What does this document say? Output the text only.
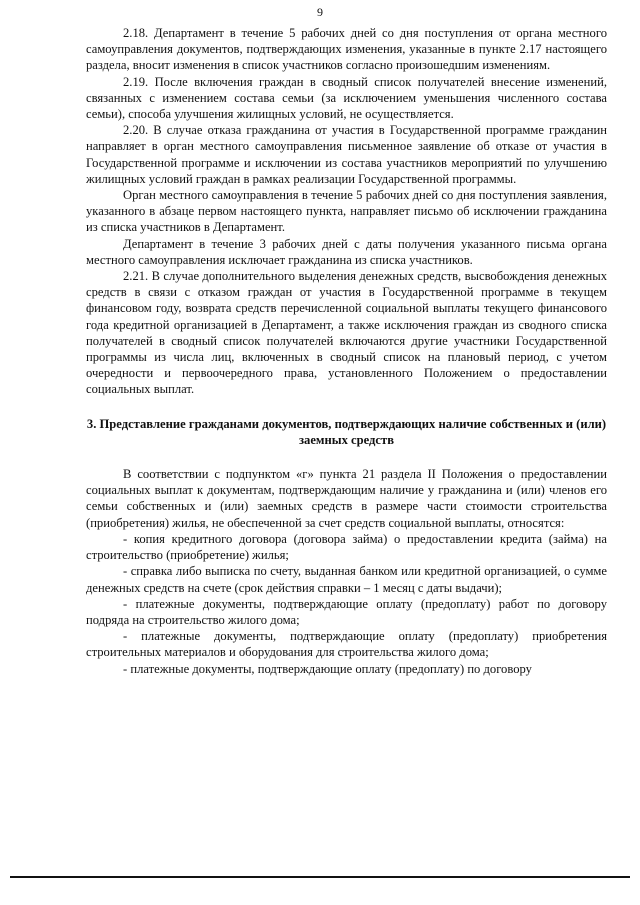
9

2.18. Департамент в течение 5 рабочих дней со дня поступления от органа местного самоуправления документов, подтверждающих изменения, указанные в пункте 2.17 настоящего раздела, вносит изменения в список участников согласно произошедшим изменениям.

2.19. После включения граждан в сводный список получателей внесение изменений, связанных с изменением состава семьи (за исключением уменьшения численного состава семьи), способа улучшения жилищных условий, не осуществляется.

2.20. В случае отказа гражданина от участия в Государственной программе гражданин направляет в орган местного самоуправления письменное заявление об отказе от участия в Государственной программе и исключении из состава участников мероприятий по улучшению жилищных условий граждан в рамках реализации Государственной программы.

Орган местного самоуправления в течение 5 рабочих дней со дня поступления заявления, указанного в абзаце первом настоящего пункта, направляет письмо об исключении гражданина из списка участников в Департамент.

Департамент в течение 3 рабочих дней с даты получения указанного письма органа местного самоуправления исключает гражданина из списка участников.

2.21. В случае дополнительного выделения денежных средств, высвобождения денежных средств в связи с отказом граждан от участия в Государственной программе в текущем финансовом году, возврата средств перечисленной социальной выплаты текущего финансового года кредитной организацией в Департамент, а также исключения граждан из сводного списка получателей в сводный список получателей включаются другие участники Государственной программы из числа лиц, включенных в сводный список на плановый период, с учетом очередности и первоочередного права, установленного Положением о предоставлении социальных выплат.

3. Представление гражданами документов, подтверждающих наличие собственных и (или) заемных средств

В соответствии с подпунктом «г» пункта 21 раздела II Положения о предоставлении социальных выплат к документам, подтверждающим наличие у гражданина и (или) членов его семьи собственных и (или) заемных средств в размере части стоимости строительства (приобретения) жилья, не обеспеченной за счет средств социальной выплаты, относятся:

- копия кредитного договора (договора займа) о предоставлении кредита (займа) на строительство (приобретение) жилья;

- справка либо выписка по счету, выданная банком или кредитной организацией, о сумме денежных средств на счете (срок действия справки – 1 месяц с даты выдачи);

- платежные документы, подтверждающие оплату (предоплату) работ по договору подряда на строительство жилого дома;

- платежные документы, подтверждающие оплату (предоплату) приобретения строительных материалов и оборудования для строительства жилого дома;

- платежные документы, подтверждающие оплату (предоплату) по договору
